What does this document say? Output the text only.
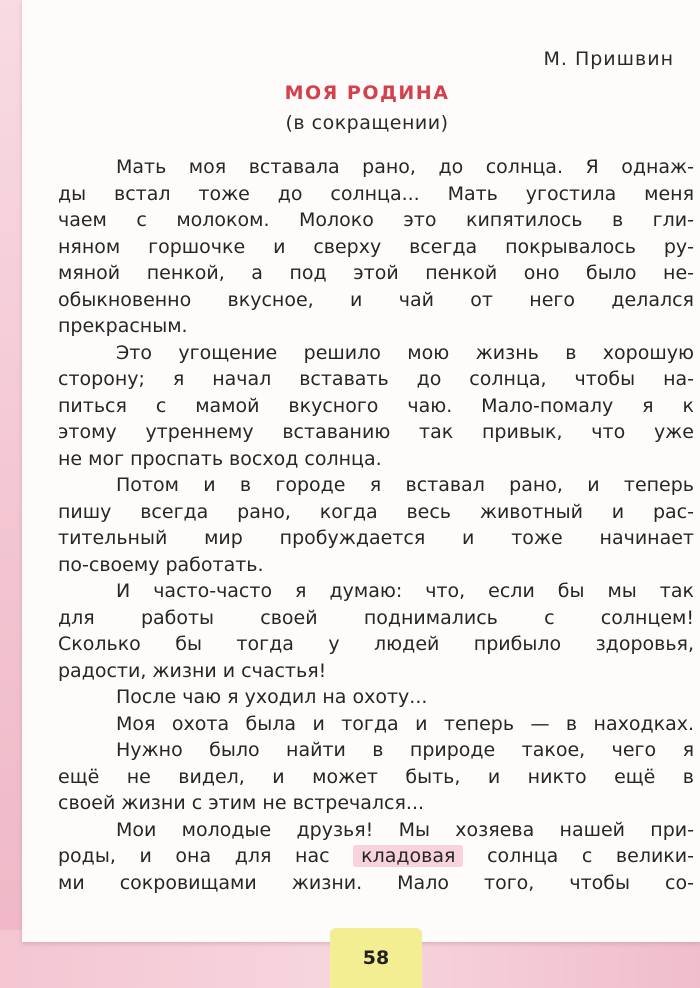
М. Пришвин
МОЯ РОДИНА
(в сокращении)
Мать моя вставала рано, до солнца. Я однаж-
ды встал тоже до солнца... Мать угостила меня
чаем с молоком. Молоко это кипятилось в гли-
няном горшочке и сверху всегда покрывалось ру-
мяной пенкой, а под этой пенкой оно было не-
обыкновенно вкусное, и чай от него делался
прекрасным.
Это угощение решило мою жизнь в хорошую
сторону; я начал вставать до солнца, чтобы на-
питься с мамой вкусного чаю. Мало-помалу я к
этому утреннему вставанию так привык, что уже
не мог проспать восход солнца.
Потом и в городе я вставал рано, и теперь
пишу всегда рано, когда весь животный и рас-
тительный мир пробуждается и тоже начинает
по-своему работать.
И часто-часто я думаю: что, если бы мы так
для работы своей поднимались с солнцем!
Сколько бы тогда у людей прибыло здоровья,
радости, жизни и счастья!
После чаю я уходил на охоту...
Моя охота была и тогда и теперь — в находках.
Нужно было найти в природе такое, чего я
ещё не видел, и может быть, и никто ещё в
своей жизни с этим не встречался...
Мои молодые друзья! Мы хозяева нашей при-
роды, и она для нас кладовая солнца с велики-
ми сокровищами жизни. Мало того, чтобы со-
58
